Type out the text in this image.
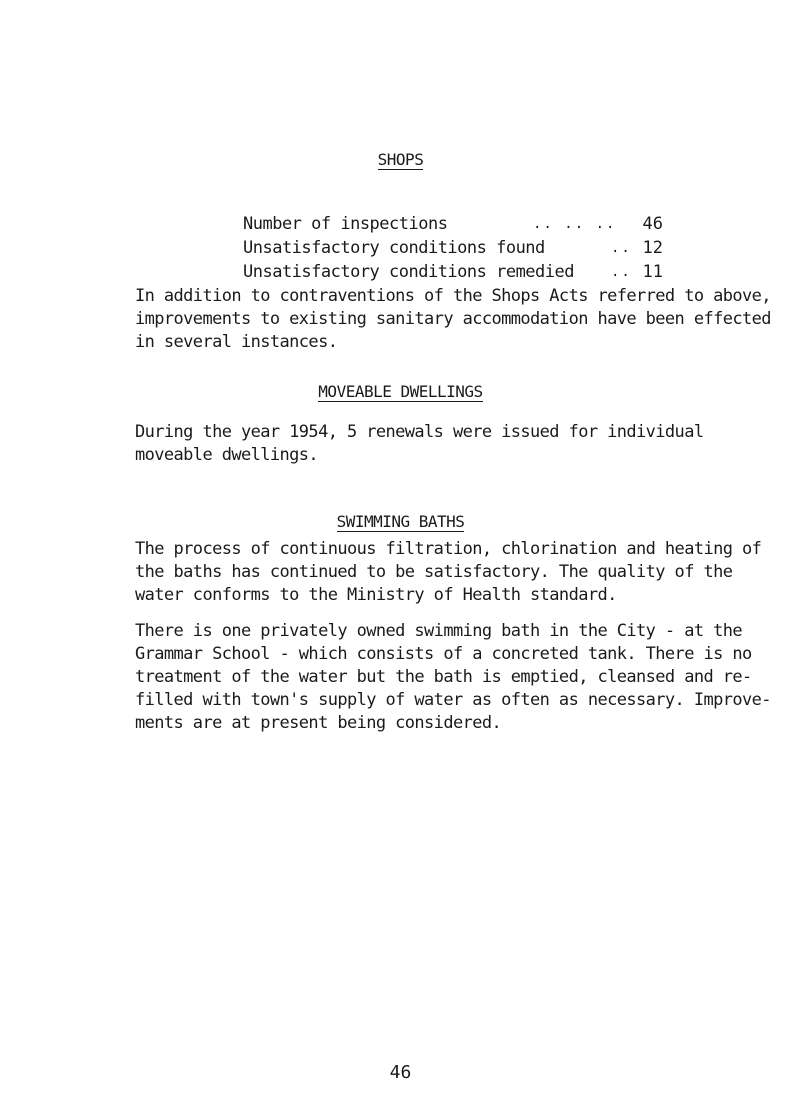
SHOPS
Number of inspections	.. .. .. 46
Unsatisfactory conditions found	.. 12
Unsatisfactory conditions remedied	.. 11

In addition to contraventions of the Shops Acts referred to above,
improvements to existing sanitary accommodation have been effected
in several instances.

MOVEABLE DWELLINGS

During the year 1954, 5 renewals were issued for individual
moveable dwellings.

SWIMMING BATHS

The process of continuous filtration, chlorination and heating of
the baths has continued to be satisfactory. The quality of the
water conforms to the Ministry of Health standard.

There is one privately owned swimming bath in the City - at the
Grammar School - which consists of a concreted tank. There is no
treatment of the water but the bath is emptied, cleansed and re-
filled with town's supply of water as often as necessary. Improve-
ments are at present being considered.

46
